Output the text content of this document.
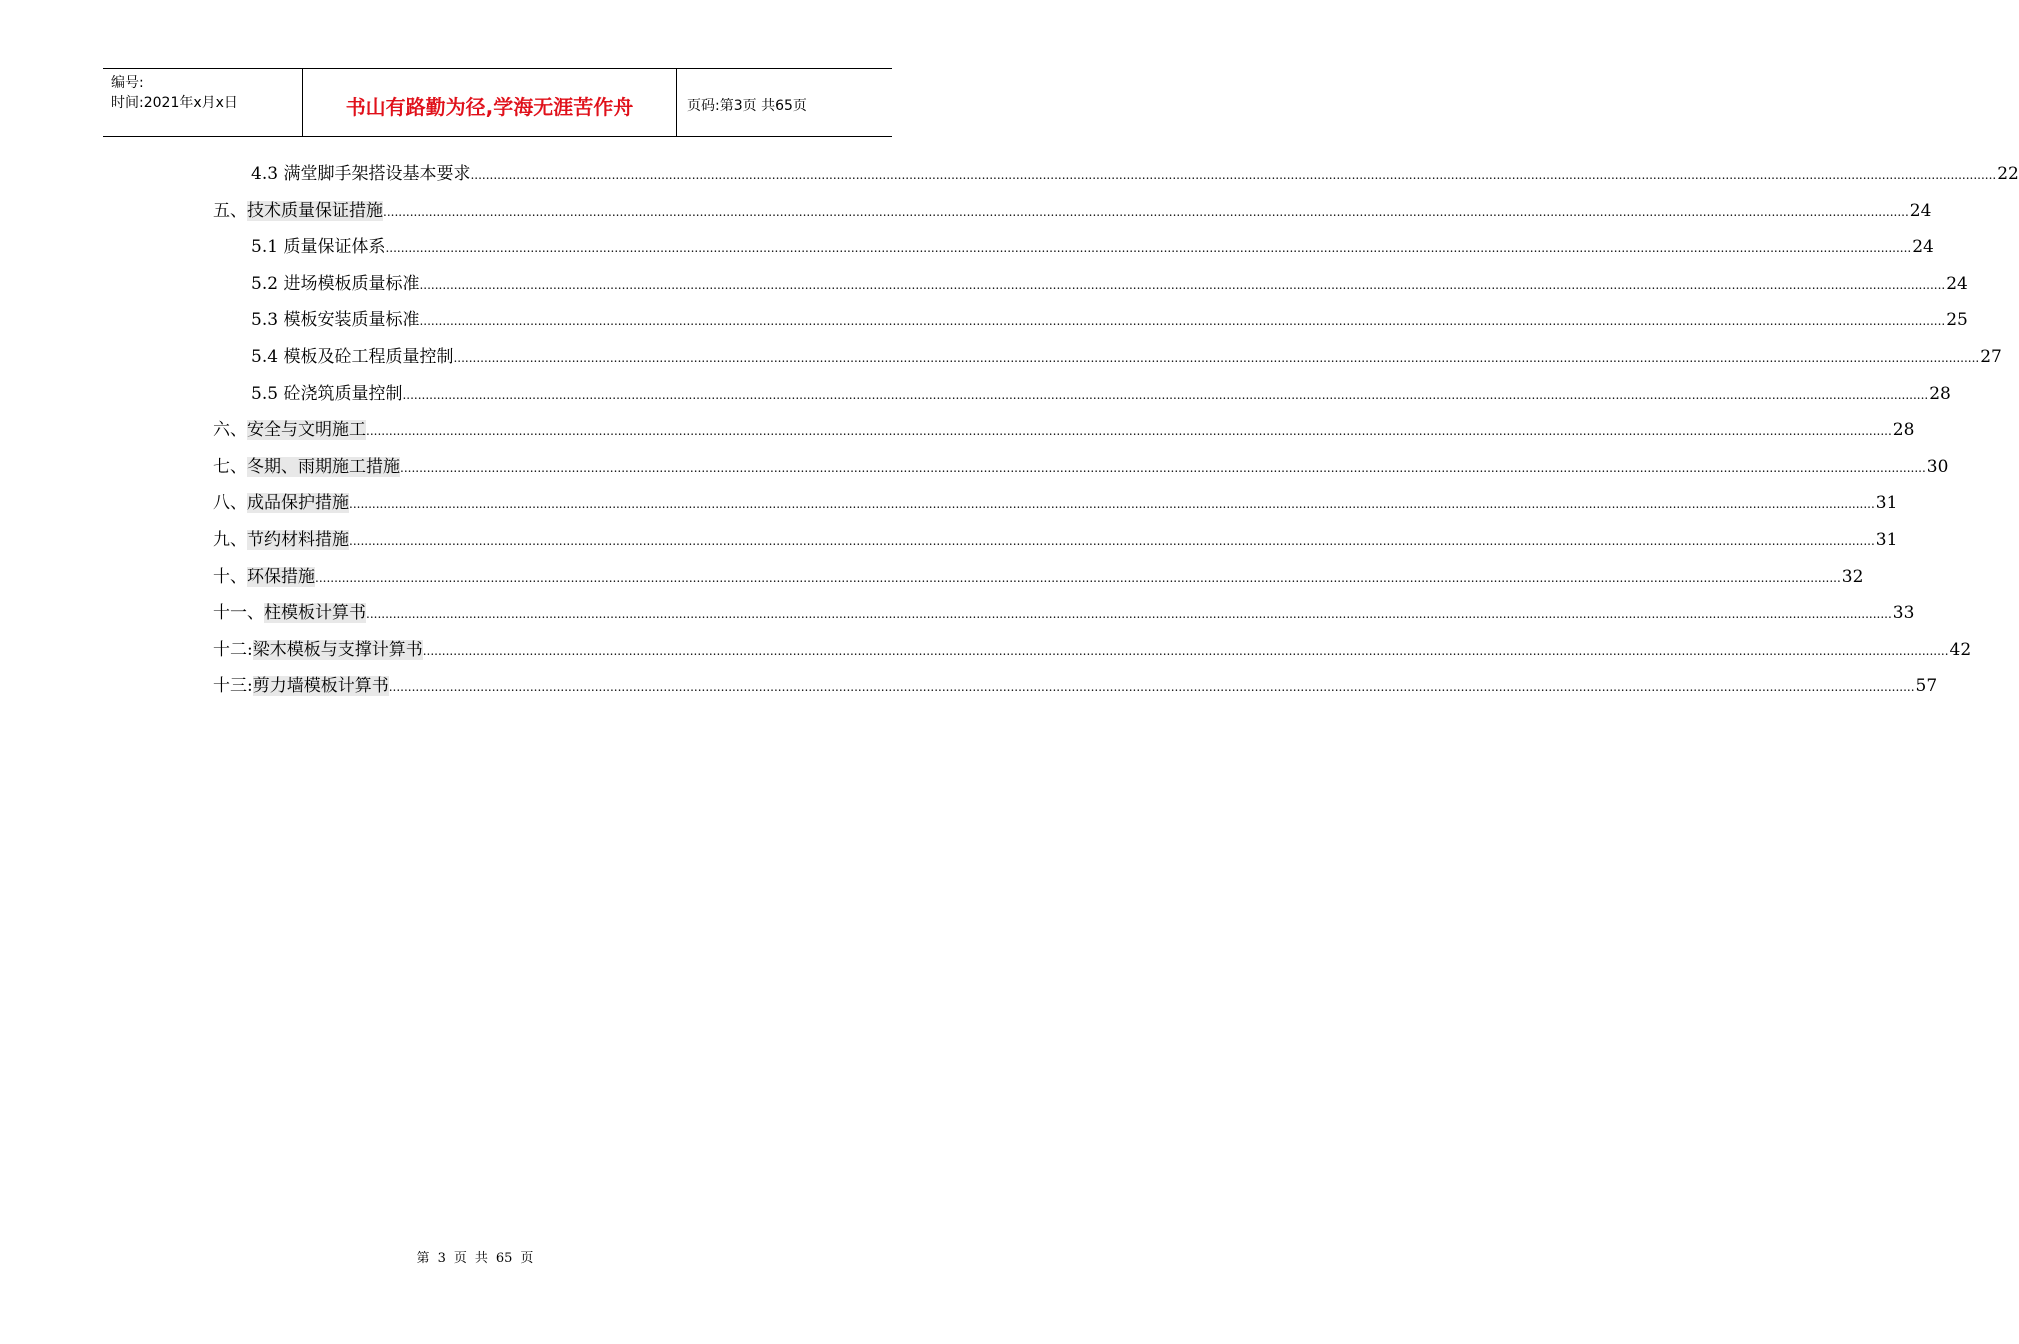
编号:
时间:2021年x月x日	书山有路勤为径,学海无涯苦作舟	页码:第3页 共65页
4.3 满堂脚手架搭设基本要求 ................................................................................................................................................................................................................................................................................................................................................................................................................ 22
五、技术质量保证措施 ................................................................................................................................................................................................................................................................................................................................................................................................................ 24
5.1 质量保证体系 ................................................................................................................................................................................................................................................................................................................................................................................................................ 24
5.2 进场模板质量标准 ................................................................................................................................................................................................................................................................................................................................................................................................................ 24
5.3 模板安装质量标准 ................................................................................................................................................................................................................................................................................................................................................................................................................ 25
5.4 模板及砼工程质量控制 ................................................................................................................................................................................................................................................................................................................................................................................................................ 27
5.5 砼浇筑质量控制 ................................................................................................................................................................................................................................................................................................................................................................................................................ 28
六、安全与文明施工 ................................................................................................................................................................................................................................................................................................................................................................................................................ 28
七、冬期、雨期施工措施 ................................................................................................................................................................................................................................................................................................................................................................................................................ 30
八、成品保护措施 ................................................................................................................................................................................................................................................................................................................................................................................................................ 31
九、节约材料措施 ................................................................................................................................................................................................................................................................................................................................................................................................................ 31
十、环保措施 ................................................................................................................................................................................................................................................................................................................................................................................................................ 32
十一、柱模板计算书 ................................................................................................................................................................................................................................................................................................................................................................................................................ 33
十二:梁木模板与支撑计算书 ................................................................................................................................................................................................................................................................................................................................................................................................................ 42
十三:剪力墙模板计算书 ................................................................................................................................................................................................................................................................................................................................................................................................................ 57
第 3 页 共 65 页
